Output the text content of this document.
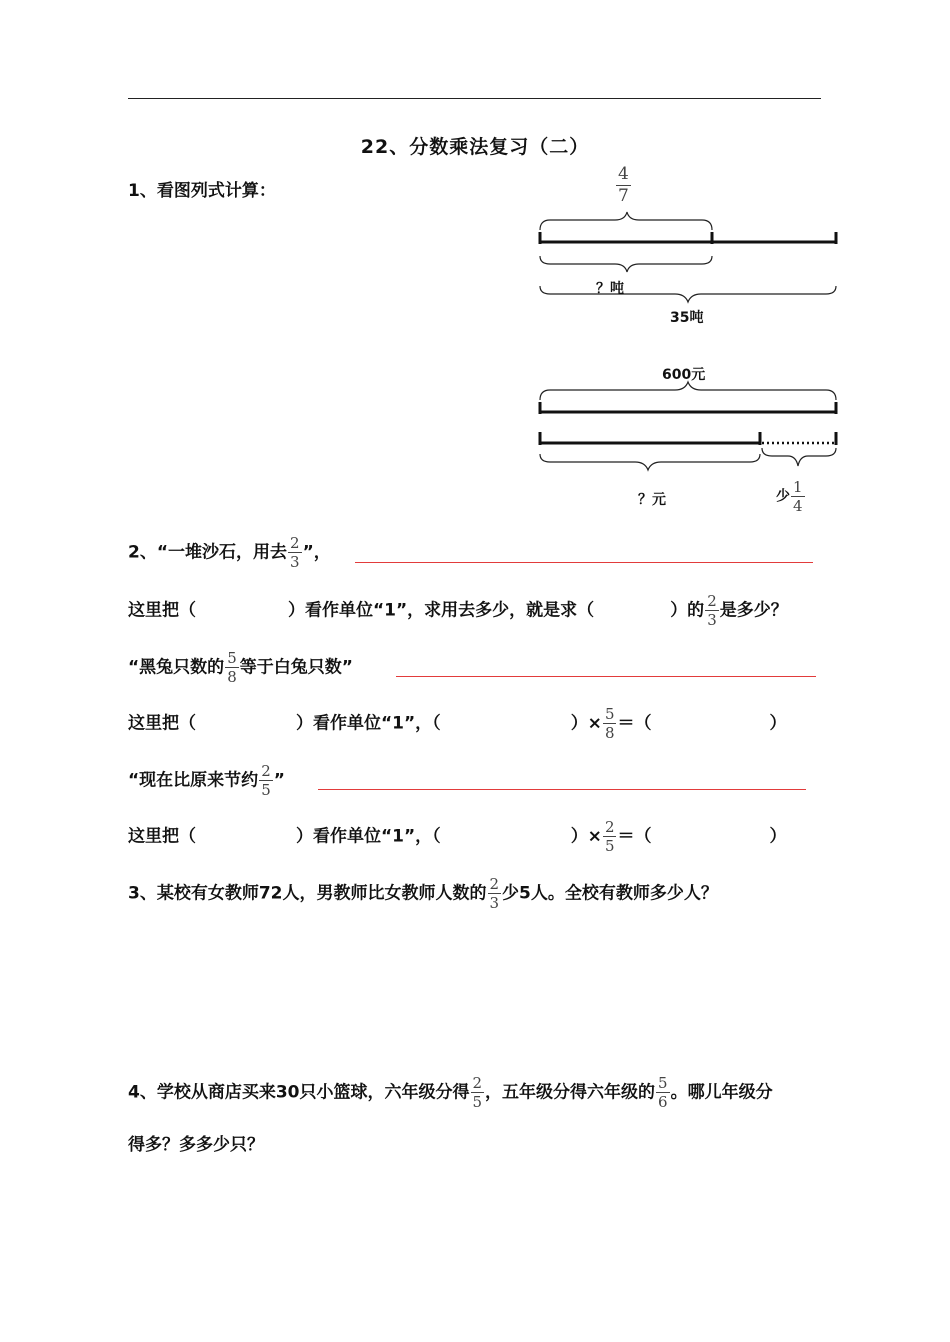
22、分数乘法复习（二）
1、看图列式计算：	$\frac{4}{7}$
？吨
35吨
600元
？元	少 $\frac{1}{4}$
2、“一堆沙石，用去 $\frac{2}{3}$ ”，
这里把（	）看作单位“1”，求用去多少，就是求（	）的 $\frac{2}{3}$ 是多少？
“黑兔只数的 $\frac{5}{8}$ 等于白兔只数”
这里把（	）看作单位“1”，（	）× $\frac{5}{8}$ ＝（	）
“现在比原来节约 $\frac{2}{5}$ ”
这里把（	）看作单位“1”，（	）× $\frac{2}{5}$ ＝（	）
3、某校有女教师72人，男教师比女教师人数的 $\frac{2}{3}$ 少5人。全校有教师多少人？
4、学校从商店买来30只小篮球，六年级分得 $\frac{2}{5}$ ，五年级分得六年级的 $\frac{5}{6}$ 。哪儿年级分
得多？多多少只？
